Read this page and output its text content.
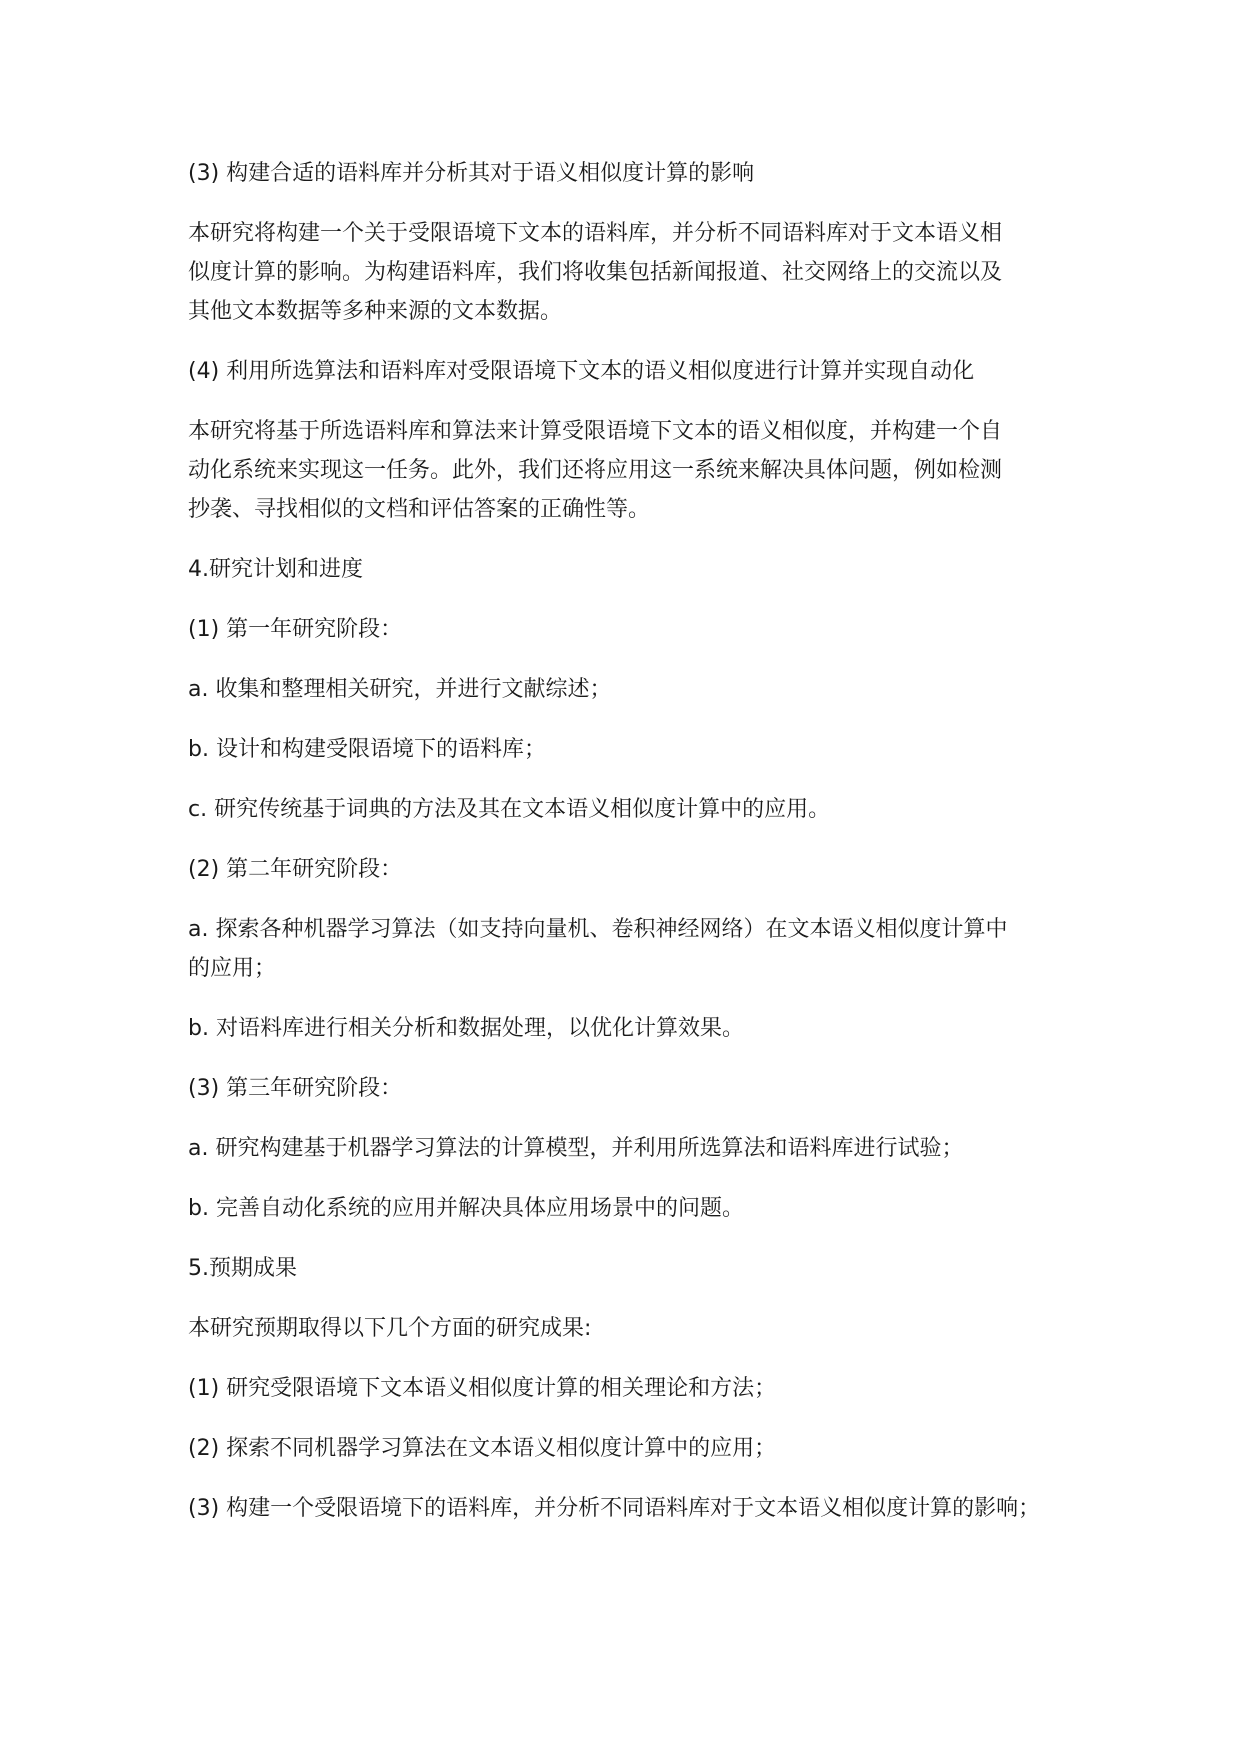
(3) 构建合适的语料库并分析其对于语义相似度计算的影响

本研究将构建一个关于受限语境下文本的语料库，并分析不同语料库对于文本语义相
似度计算的影响。为构建语料库，我们将收集包括新闻报道、社交网络上的交流以及
其他文本数据等多种来源的文本数据。

(4) 利用所选算法和语料库对受限语境下文本的语义相似度进行计算并实现自动化

本研究将基于所选语料库和算法来计算受限语境下文本的语义相似度，并构建一个自
动化系统来实现这一任务。此外，我们还将应用这一系统来解决具体问题，例如检测
抄袭、寻找相似的文档和评估答案的正确性等。

4.研究计划和进度

(1) 第一年研究阶段：

a. 收集和整理相关研究，并进行文献综述；

b. 设计和构建受限语境下的语料库；

c. 研究传统基于词典的方法及其在文本语义相似度计算中的应用。

(2) 第二年研究阶段：

a. 探索各种机器学习算法（如支持向量机、卷积神经网络）在文本语义相似度计算中
的应用；

b. 对语料库进行相关分析和数据处理，以优化计算效果。

(3) 第三年研究阶段：

a. 研究构建基于机器学习算法的计算模型，并利用所选算法和语料库进行试验；

b. 完善自动化系统的应用并解决具体应用场景中的问题。

5.预期成果

本研究预期取得以下几个方面的研究成果:

(1) 研究受限语境下文本语义相似度计算的相关理论和方法；

(2) 探索不同机器学习算法在文本语义相似度计算中的应用；

(3) 构建一个受限语境下的语料库，并分析不同语料库对于文本语义相似度计算的影响；
